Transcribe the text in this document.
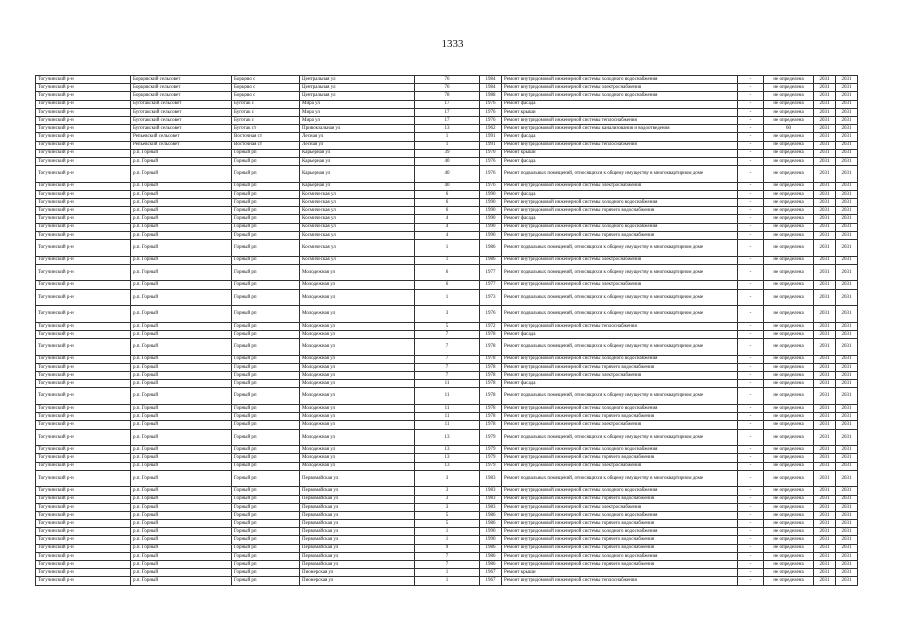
1333
Тогучинский р-н	Борцовский сельсовет	Борцово с	Центральная ул	76	1984	Ремонт внутридомовой инженерной системы холодного водоснабжения	-	не определена	2031	2031
Тогучинский р-н	Борцовский сельсовет	Борцово с	Центральная ул	76	1984	Ремонт внутридомовой инженерной системы электроснабжения	-	не определена	2031	2031
Тогучинский р-н	Борцовский сельсовет	Борцово с	Центральная ул	78	1988	Ремонт внутридомовой инженерной системы холодного водоснабжения	-	не определена	2031	2031
Тогучинский р-н	Буготакский сельсовет	Буготак с	Мира ул	17	1976	Ремонт фасада	-	не определена	2031	2031
Тогучинский р-н	Буготакский сельсовет	Буготак с	Мира ул	17	1976	Ремонт крыши	-	не определена	2031	2031
Тогучинский р-н	Буготакский сельсовет	Буготак с	Мира ул	17	1976	Ремонт внутридомовой инженерной системы теплоснабжения	-	не определена	2031	2031
Тогучинский р-н	Буготакский сельсовет	Буготак ст	Привокзальная ул	13	1962	Ремонт внутридомовой инженерной системы канализования и водоотведения	-	60	2031	2031
Тогучинский р-н	Репьевский сельсовет	Восточная ст	Лесная ул	1	1991	Ремонт фасада	-	не определена	2031	2031
Тогучинский р-н	Репьевский сельсовет	Восточная ст	Лесная ул	1	1991	Ремонт внутридомовой инженерной системы теплоснабжения	-	не определена	2031	2031
Тогучинский р-н	р.п. Горный	Горный рп	Карьерная ул	39	1970	Ремонт крыши	-	не определена	2031	2031
Тогучинский р-н	р.п. Горный	Горный рп	Карьерная ул	40	1976	Ремонт фасада	-	не определена	2031	2031
Тогучинский р-н	р.п. Горный	Горный рп	Карьерная ул	40	1976	Ремонт подвальных помещений, относящихся к общему имуществу в многоквартирном доме	-	не определена	2031	2031
Тогучинский р-н	р.п. Горный	Горный рп	Карьерная ул	40	1976	Ремонт внутридомовой инженерной системы электроснабжения	-	не определена	2031	2031
Тогучинский р-н	р.п. Горный	Горный рп	Космическая ул	6	1990	Ремонт фасада	-	не определена	2031	2031
Тогучинский р-н	р.п. Горный	Горный рп	Космическая ул	6	1990	Ремонт внутридомовой инженерной системы холодного водоснабжения	-	не определена	2031	2031
Тогучинский р-н	р.п. Горный	Горный рп	Космическая ул	6	1990	Ремонт внутридомовой инженерной системы горячего водоснабжения	-	не определена	2031	2031
Тогучинский р-н	р.п. Горный	Горный рп	Космическая ул	4	1990	Ремонт фасада	-	не определена	2031	2031
Тогучинский р-н	р.п. Горный	Горный рп	Космическая ул	4	1990	Ремонт внутридомовой инженерной системы холодного водоснабжения	-	не определена	2031	2031
Тогучинский р-н	р.п. Горный	Горный рп	Космическая ул	4	1990	Ремонт внутридомовой инженерной системы горячего водоснабжения	-	не определена	2031	2031
Тогучинский р-н	р.п. Горный	Горный рп	Космическая ул	1	1986	Ремонт подвальных помещений, относящихся к общему имуществу в многоквартирном доме	-	не определена	2031	2031
Тогучинский р-н	р.п. Горный	Горный рп	Космическая ул	1	1986	Ремонт внутридомовой инженерной системы электроснабжения	-	не определена	2031	2031
Тогучинский р-н	р.п. Горный	Горный рп	Молодежная ул	6	1977	Ремонт подвальных помещений, относящихся к общему имуществу в многоквартирном доме	-	не определена	2031	2031
Тогучинский р-н	р.п. Горный	Горный рп	Молодежная ул	6	1977	Ремонт внутридомовой инженерной системы электроснабжения	-	не определена	2031	2031
Тогучинский р-н	р.п. Горный	Горный рп	Молодежная ул	1	1973	Ремонт подвальных помещений, относящихся к общему имуществу в многоквартирном доме	-	не определена	2031	2031
Тогучинский р-н	р.п. Горный	Горный рп	Молодежная ул	3	1976	Ремонт подвальных помещений, относящихся к общему имуществу в многоквартирном доме	-	не определена	2031	2031
Тогучинский р-н	р.п. Горный	Горный рп	Молодежная ул	5	1972	Ремонт внутридомовой инженерной системы теплоснабжения	-	не определена	2031	2031
Тогучинский р-н	р.п. Горный	Горный рп	Молодежная ул	7	1978	Ремонт фасада	-	не определена	2031	2031
Тогучинский р-н	р.п. Горный	Горный рп	Молодежная ул	7	1978	Ремонт подвальных помещений, относящихся к общему имуществу в многоквартирном доме	-	не определена	2031	2031
Тогучинский р-н	р.п. Горный	Горный рп	Молодежная ул	7	1978	Ремонт внутридомовой инженерной системы холодного водоснабжения	-	не определена	2031	2031
Тогучинский р-н	р.п. Горный	Горный рп	Молодежная ул	7	1978	Ремонт внутридомовой инженерной системы горячего водоснабжения	-	не определена	2031	2031
Тогучинский р-н	р.п. Горный	Горный рп	Молодежная ул	7	1978	Ремонт внутридомовой инженерной системы электроснабжения	-	не определена	2031	2031
Тогучинский р-н	р.п. Горный	Горный рп	Молодежная ул	11	1978	Ремонт фасада	-	не определена	2031	2031
Тогучинский р-н	р.п. Горный	Горный рп	Молодежная ул	11	1978	Ремонт подвальных помещений, относящихся к общему имуществу в многоквартирном доме	-	не определена	2031	2031
Тогучинский р-н	р.п. Горный	Горный рп	Молодежная ул	11	1978	Ремонт внутридомовой инженерной системы холодного водоснабжения	-	не определена	2031	2031
Тогучинский р-н	р.п. Горный	Горный рп	Молодежная ул	11	1978	Ремонт внутридомовой инженерной системы горячего водоснабжения	-	не определена	2031	2031
Тогучинский р-н	р.п. Горный	Горный рп	Молодежная ул	11	1978	Ремонт внутридомовой инженерной системы электроснабжения	-	не определена	2031	2031
Тогучинский р-н	р.п. Горный	Горный рп	Молодежная ул	13	1979	Ремонт подвальных помещений, относящихся к общему имуществу в многоквартирном доме	-	не определена	2031	2031
Тогучинский р-н	р.п. Горный	Горный рп	Молодежная ул	13	1979	Ремонт внутридомовой инженерной системы холодного водоснабжения	-	не определена	2031	2031
Тогучинский р-н	р.п. Горный	Горный рп	Молодежная ул	13	1979	Ремонт внутридомовой инженерной системы горячего водоснабжения	-	не определена	2031	2031
Тогучинский р-н	р.п. Горный	Горный рп	Молодежная ул	13	1979	Ремонт внутридомовой инженерной системы электроснабжения	-	не определена	2031	2031
Тогучинский р-н	р.п. Горный	Горный рп	Первомайская ул	3	1983	Ремонт подвальных помещений, относящихся к общему имуществу в многоквартирном доме	-	не определена	2031	2031
Тогучинский р-н	р.п. Горный	Горный рп	Первомайская ул	3	1983	Ремонт внутридомовой инженерной системы холодного водоснабжения	-	не определена	2031	2031
Тогучинский р-н	р.п. Горный	Горный рп	Первомайская ул	3	1983	Ремонт внутридомовой инженерной системы горячего водоснабжения	-	не определена	2031	2031
Тогучинский р-н	р.п. Горный	Горный рп	Первомайская ул	3	1983	Ремонт внутридомовой инженерной системы электроснабжения	-	не определена	2031	2031
Тогучинский р-н	р.п. Горный	Горный рп	Первомайская ул	5	1986	Ремонт внутридомовой инженерной системы холодного водоснабжения	-	не определена	2031	2031
Тогучинский р-н	р.п. Горный	Горный рп	Первомайская ул	5	1986	Ремонт внутридомовой инженерной системы горячего водоснабжения	-	не определена	2031	2031
Тогучинский р-н	р.п. Горный	Горный рп	Первомайская ул	1	1990	Ремонт внутридомовой инженерной системы холодного водоснабжения	-	не определена	2031	2031
Тогучинский р-н	р.п. Горный	Горный рп	Первомайская ул	1	1990	Ремонт внутридомовой инженерной системы горячего водоснабжения	-	не определена	2031	2031
Тогучинский р-н	р.п. Горный	Горный рп	Первомайская ул	9	1986	Ремонт внутридомовой инженерной системы горячего водоснабжения	-	не определена	2031	2031
Тогучинский р-н	р.п. Горный	Горный рп	Первомайская ул	7	1986	Ремонт внутридомовой инженерной системы холодного водоснабжения	-	не определена	2031	2031
Тогучинский р-н	р.п. Горный	Горный рп	Первомайская ул	7	1986	Ремонт внутридомовой инженерной системы горячего водоснабжения	-	не определена	2031	2031
Тогучинский р-н	р.п. Горный	Горный рп	Пионерская ул	1	1967	Ремонт крыши	-	не определена	2031	2031
Тогучинский р-н	р.п. Горный	Горный рп	Пионерская ул	1	1967	Ремонт внутридомовой инженерной системы теплоснабжения	-	не определена	2031	2031
